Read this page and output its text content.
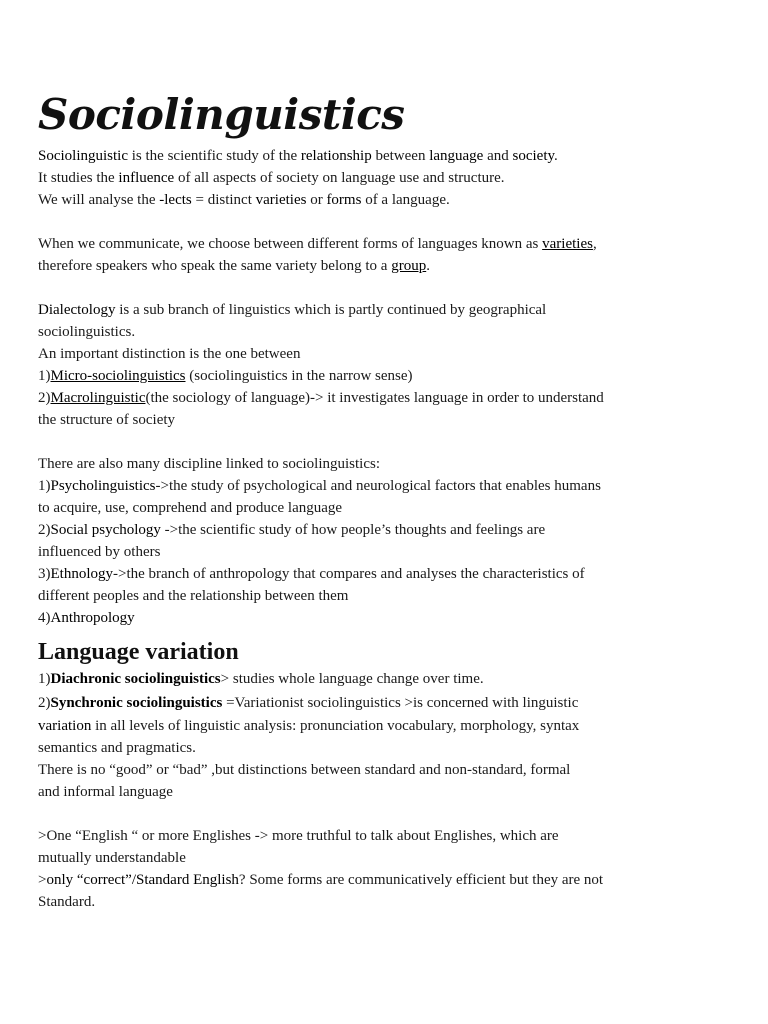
Sociolinguistics

Sociolinguistic is the scientific study of the relationship between language and society.

It studies the influence of all aspects of society on language use and structure.

We will analyse the -lects = distinct varieties or forms of a language.

When we communicate, we choose between different forms of languages known as varieties,

therefore speakers who speak the same variety belong to a group.

Dialectology is a sub branch of linguistics which is partly continued by geographical

sociolinguistics.

An important distinction is the one between

1)Micro-sociolinguistics (sociolinguistics in the narrow sense)

2)Macrolinguistic(the sociology of language)-> it investigates language in order to understand

the structure of society

There are also many discipline linked to sociolinguistics:

1)Psycholinguistics->the study of psychological and neurological factors that enables humans

to acquire, use, comprehend and produce language

2)Social psychology ->the scientific study of how people’s thoughts and feelings are

influenced by others

3)Ethnology->the branch of anthropology that compares and analyses the characteristics of

different peoples and the relationship between them

4)Anthropology

Language variation

1)Diachronic sociolinguistics> studies whole language change over time.

2)Synchronic sociolinguistics =Variationist sociolinguistics >is concerned with linguistic

variation in all levels of linguistic analysis: pronunciation vocabulary, morphology, syntax

semantics and pragmatics.

There is no “good” or “bad” ,but distinctions between standard and non-standard, formal

and informal language

>One “English “ or more Englishes -> more truthful to talk about Englishes, which are

mutually understandable

>only “correct”/Standard English? Some forms are communicatively efficient but they are not

Standard.
